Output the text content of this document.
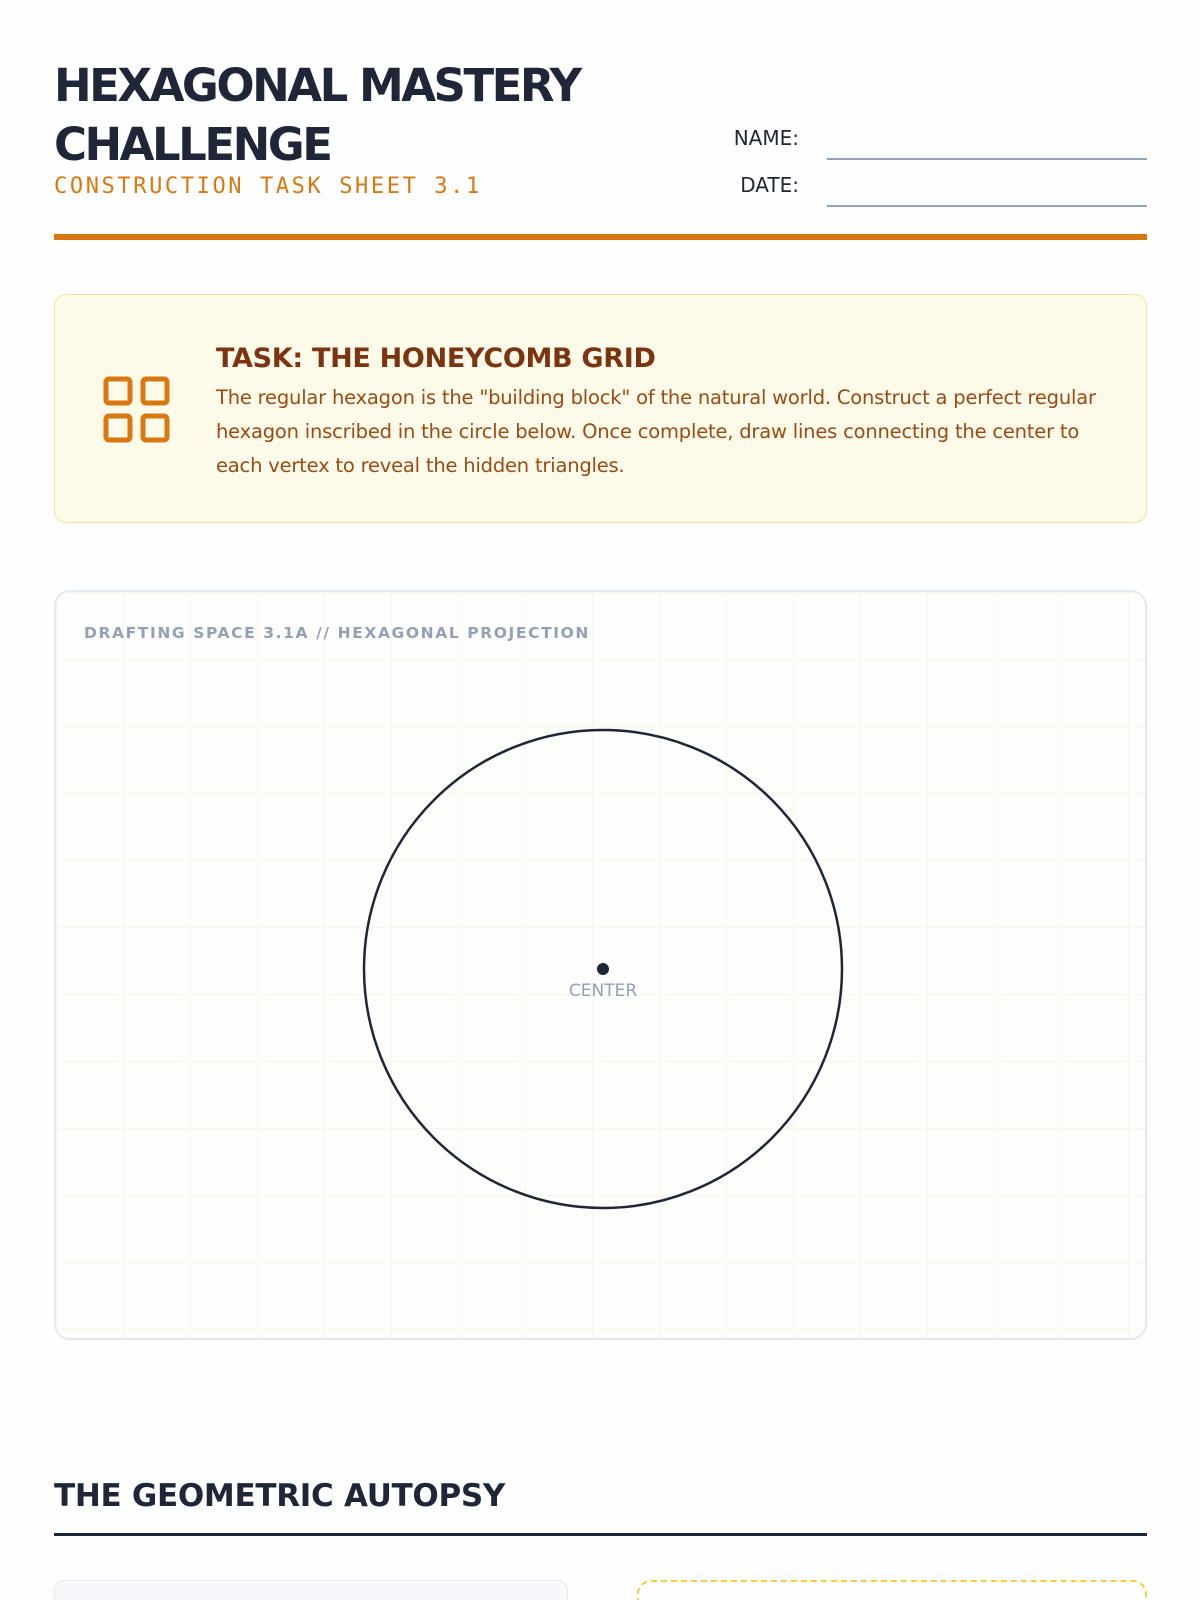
HEXAGONAL MASTERY
CHALLENGE
CONSTRUCTION TASK SHEET 3.1
NAME:
DATE:
TASK: THE HONEYCOMB GRID
The regular hexagon is the "building block" of the natural world. Construct a perfect regular hexagon inscribed in the circle below. Once complete, draw lines connecting the center to each vertex to reveal the hidden triangles.
DRAFTING SPACE 3.1A // HEXAGONAL PROJECTION
CENTER
THE GEOMETRIC AUTOPSY
